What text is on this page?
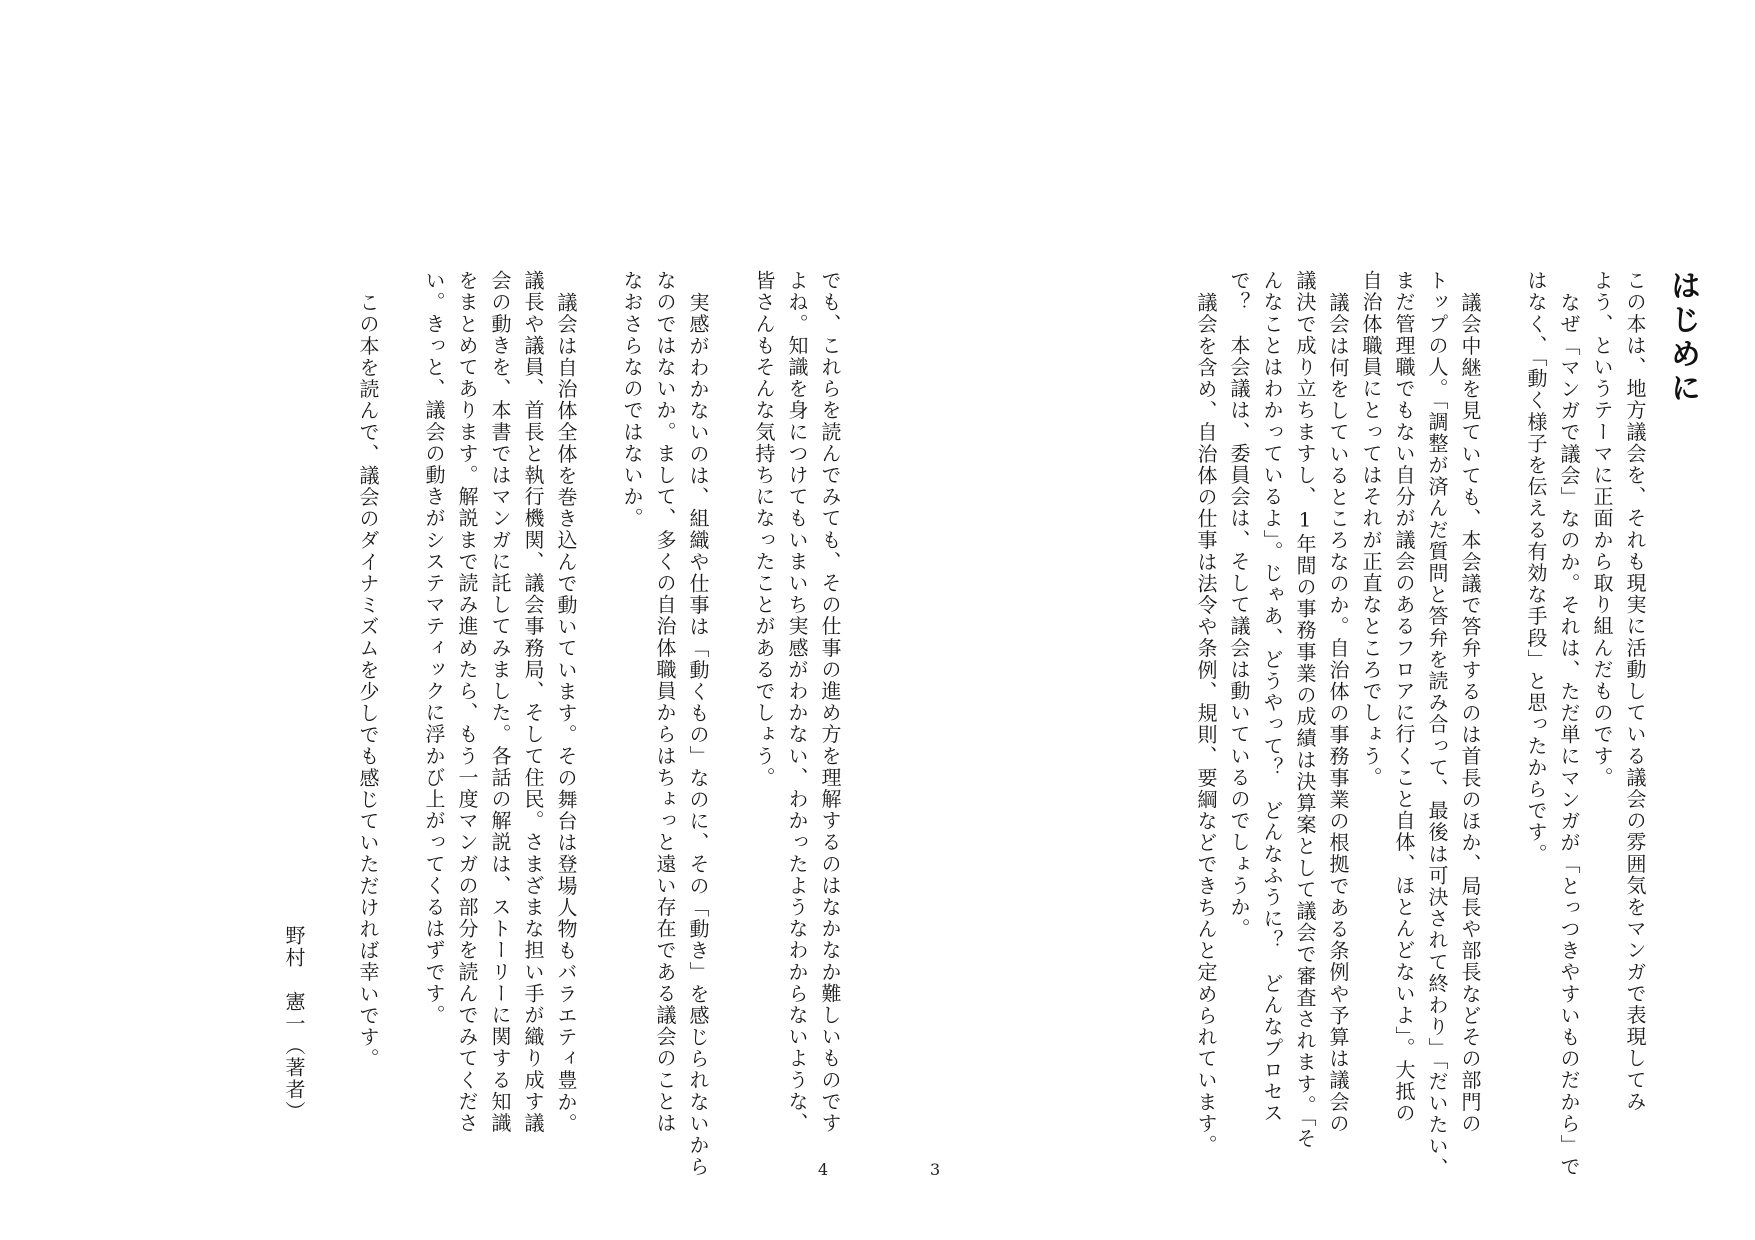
はじめに
この本は、地方議会を、それも現実に活動している議会の雰囲気をマンガで表現してみ
よう、というテーマに正面から取り組んだものです。
なぜ「マンガで議会」なのか。それは、ただ単にマンガが「とっつきやすいものだから」で
はなく、「動く様子を伝える有効な手段」と思ったからです。
議会中継を見ていても、本会議で答弁するのは首長のほか、局長や部長などその部門の
トップの人。「調整が済んだ質問と答弁を読み合って、最後は可決されて終わり」「だいたい、
まだ管理職でもない自分が議会のあるフロアに行くこと自体、ほとんどないよ」。大抵の
自治体職員にとってはそれが正直なところでしょう。
議会は何をしているところなのか。自治体の事務事業の根拠である条例や予算は議会の
議決で成り立ちますし、1年間の事務事業の成績は決算案として議会で審査されます。「そ
んなことはわかっているよ」。じゃあ、どうやって？　どんなふうに？　どんなプロセス
で？　本会議は、委員会は、そして議会は動いているのでしょうか。
議会を含め、自治体の仕事は法令や条例、規則、要綱などできちんと定められています。
でも、これらを読んでみても、その仕事の進め方を理解するのはなかなか難しいものです
よね。知識を身につけてもいまいち実感がわかない、わかったようなわからないような、
皆さんもそんな気持ちになったことがあるでしょう。
実感がわかないのは、組織や仕事は「動くもの」なのに、その「動き」を感じられないから
なのではないか。まして、多くの自治体職員からはちょっと遠い存在である議会のことは
なおさらなのではないか。
議会は自治体全体を巻き込んで動いています。その舞台は登場人物もバラエティ豊か。
議長や議員、首長と執行機関、議会事務局、そして住民。さまざまな担い手が織り成す議
会の動きを、本書ではマンガに託してみました。各話の解説は、ストーリーに関する知識
をまとめてあります。解説まで読み進めたら、もう一度マンガの部分を読んでみてくださ
い。きっと、議会の動きがシステマティックに浮かび上がってくるはずです。
この本を読んで、議会のダイナミズムを少しでも感じていただければ幸いです。
野村　憲一（著者）
4	3
